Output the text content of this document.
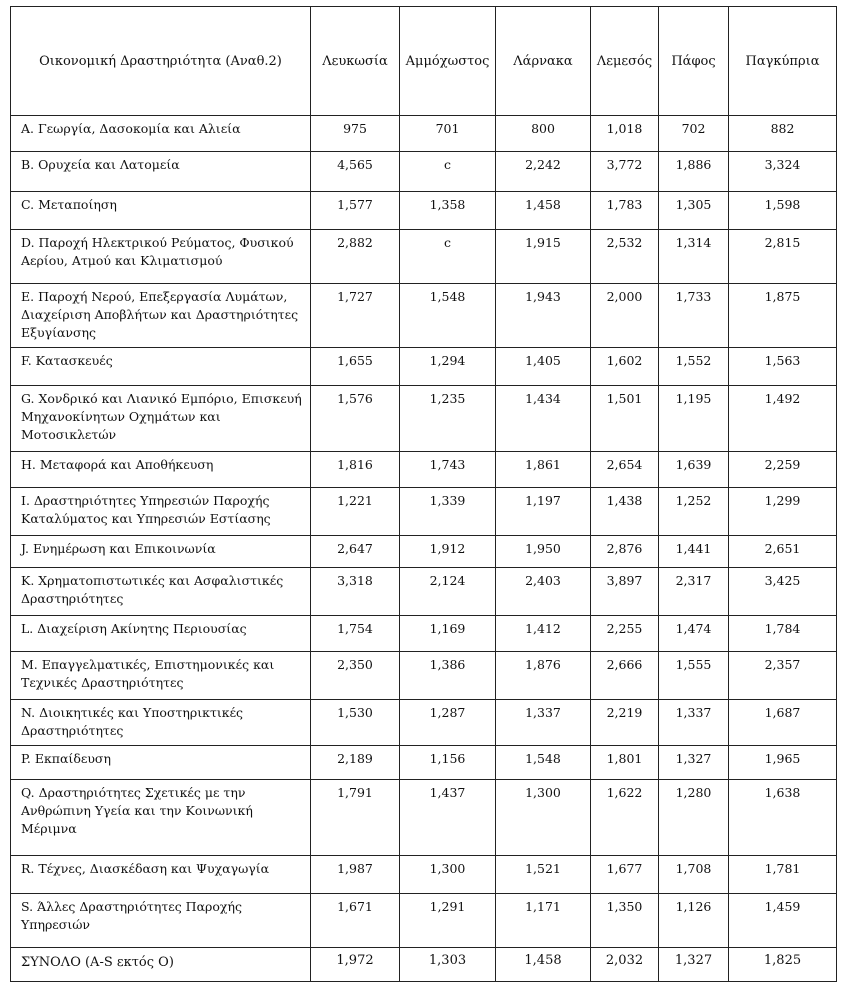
Οικονομική Δραστηριότητα (Αναθ.2)	Λευκωσία	Αμμόχωστος	Λάρνακα	Λεμεσός	Πάφος	Παγκύπρια
A. Γεωργία, Δασοκομία και Αλιεία	975	701	800	1,018	702	882
B. Ορυχεία και Λατομεία	4,565	c	2,242	3,772	1,886	3,324
C. Μεταποίηση	1,577	1,358	1,458	1,783	1,305	1,598
D. Παροχή Ηλεκτρικού Ρεύματος, Φυσικού Αερίου, Ατμού και Κλιματισμού	2,882	c	1,915	2,532	1,314	2,815
E. Παροχή Νερού, Επεξεργασία Λυμάτων, Διαχείριση Αποβλήτων και Δραστηριότητες Εξυγίανσης	1,727	1,548	1,943	2,000	1,733	1,875
F. Κατασκευές	1,655	1,294	1,405	1,602	1,552	1,563
G. Χονδρικό και Λιανικό Εμπόριο, Επισκευή Μηχανοκίνητων Οχημάτων και Μοτοσικλετών	1,576	1,235	1,434	1,501	1,195	1,492
H. Μεταφορά και Αποθήκευση	1,816	1,743	1,861	2,654	1,639	2,259
I. Δραστηριότητες Υπηρεσιών Παροχής Καταλύματος και Υπηρεσιών Εστίασης	1,221	1,339	1,197	1,438	1,252	1,299
J. Ενημέρωση και Επικοινωνία	2,647	1,912	1,950	2,876	1,441	2,651
K. Χρηματοπιστωτικές και Ασφαλιστικές Δραστηριότητες	3,318	2,124	2,403	3,897	2,317	3,425
L. Διαχείριση Ακίνητης Περιουσίας	1,754	1,169	1,412	2,255	1,474	1,784
M. Επαγγελματικές, Επιστημονικές και Τεχνικές Δραστηριότητες	2,350	1,386	1,876	2,666	1,555	2,357
N. Διοικητικές και Υποστηρικτικές Δραστηριότητες	1,530	1,287	1,337	2,219	1,337	1,687
P. Εκπαίδευση	2,189	1,156	1,548	1,801	1,327	1,965
Q. Δραστηριότητες Σχετικές με την Ανθρώπινη Υγεία και την Κοινωνική Μέριμνα	1,791	1,437	1,300	1,622	1,280	1,638
R. Τέχνες, Διασκέδαση και Ψυχαγωγία	1,987	1,300	1,521	1,677	1,708	1,781
S. Άλλες Δραστηριότητες Παροχής Υπηρεσιών	1,671	1,291	1,171	1,350	1,126	1,459
ΣΥΝΟΛΟ (A-S εκτός O)	1,972	1,303	1,458	2,032	1,327	1,825
